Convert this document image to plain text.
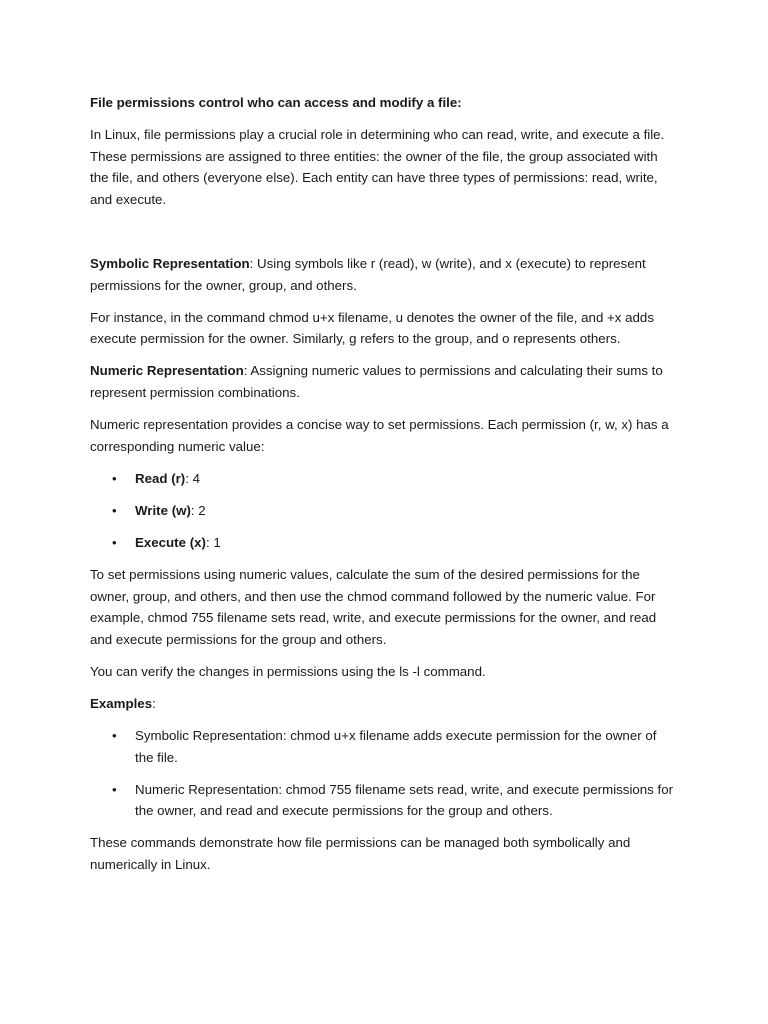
File permissions control who can access and modify a file:

In Linux, file permissions play a crucial role in determining who can read, write, and execute a file. These permissions are assigned to three entities: the owner of the file, the group associated with the file, and others (everyone else). Each entity can have three types of permissions: read, write, and execute.

Symbolic Representation: Using symbols like r (read), w (write), and x (execute) to represent permissions for the owner, group, and others.

For instance, in the command chmod u+x filename, u denotes the owner of the file, and +x adds execute permission for the owner. Similarly, g refers to the group, and o represents others.

Numeric Representation: Assigning numeric values to permissions and calculating their sums to represent permission combinations.

Numeric representation provides a concise way to set permissions. Each permission (r, w, x) has a corresponding numeric value:

• Read (r): 4
• Write (w): 2
• Execute (x): 1

To set permissions using numeric values, calculate the sum of the desired permissions for the owner, group, and others, and then use the chmod command followed by the numeric value. For example, chmod 755 filename sets read, write, and execute permissions for the owner, and read and execute permissions for the group and others.

You can verify the changes in permissions using the ls -l command.

Examples:

• Symbolic Representation: chmod u+x filename adds execute permission for the owner of the file.
• Numeric Representation: chmod 755 filename sets read, write, and execute permissions for the owner, and read and execute permissions for the group and others.

These commands demonstrate how file permissions can be managed both symbolically and numerically in Linux.
